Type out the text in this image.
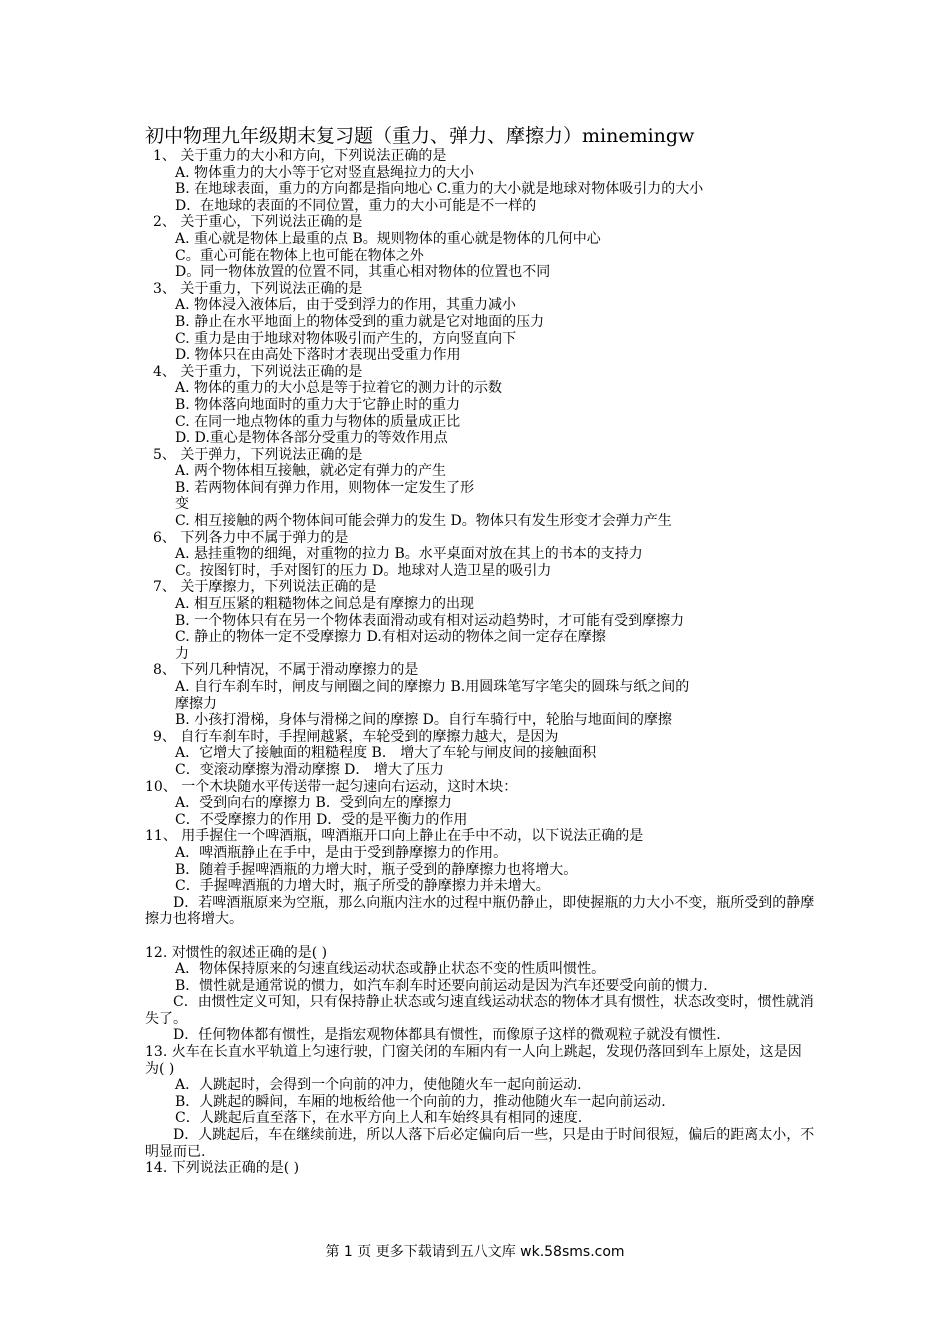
初中物理九年级期末复习题（重力、弹力、摩擦力）minemingw
1、 关于重力的大小和方向，下列说法正确的是
A. 物体重力的大小等于它对竖直悬绳拉力的大小
B. 在地球表面，重力的方向都是指向地心 C.重力的大小就是地球对物体吸引力的大小
D．在地球的表面的不同位置，重力的大小可能是不一样的
2、 关于重心，下列说法正确的是
A. 重心就是物体上最重的点 B。规则物体的重心就是物体的几何中心
C。重心可能在物体上也可能在物体之外
D。同一物体放置的位置不同，其重心相对物体的位置也不同
3、 关于重力，下列说法正确的是
A. 物体浸入液体后，由于受到浮力的作用，其重力减小
B. 静止在水平地面上的物体受到的重力就是它对地面的压力
C. 重力是由于地球对物体吸引而产生的，方向竖直向下
D. 物体只在由高处下落时才表现出受重力作用
4、 关于重力，下列说法正确的是
A. 物体的重力的大小总是等于拉着它的测力计的示数
B. 物体落向地面时的重力大于它静止时的重力
C. 在同一地点物体的重力与物体的质量成正比
D. D.重心是物体各部分受重力的等效作用点
5、 关于弹力，下列说法正确的是
A. 两个物体相互接触，就必定有弹力的产生
B. 若两物体间有弹力作用，则物体一定发生了形
变
C. 相互接触的两个物体间可能会弹力的发生 D。物体只有发生形变才会弹力产生
6、 下列各力中不属于弹力的是
A. 悬挂重物的细绳，对重物的拉力 B。水平桌面对放在其上的书本的支持力
C。按图钉时，手对图钉的压力 D。地球对人造卫星的吸引力
7、 关于摩擦力，下列说法正确的是
A. 相互压紧的粗糙物体之间总是有摩擦力的出现
B. 一个物体只有在另一个物体表面滑动或有相对运动趋势时，才可能有受到摩擦力
C. 静止的物体一定不受摩擦力 D.有相对运动的物体之间一定存在摩擦
力
8、 下列几种情况，不属于滑动摩擦力的是
A. 自行车刹车时，闸皮与闸圈之间的摩擦力 B.用圆珠笔写字笔尖的圆珠与纸之间的
摩擦力
B. 小孩打滑梯，身体与滑梯之间的摩擦 D。自行车骑行中，轮胎与地面间的摩擦
9、 自行车刹车时，手捏闸越紧，车轮受到的摩擦力越大，是因为
A．它增大了接触面的粗糙程度 B． 增大了车轮与闸皮间的接触面积
C．变滚动摩擦为滑动摩擦 D． 增大了压力
10、 一个木块随水平传送带一起匀速向右运动，这时木块：
A．受到向右的摩擦力 B．受到向左的摩擦力
C．不受摩擦力的作用 D．受的是平衡力的作用
11、 用手握住一个啤酒瓶，啤酒瓶开口向上静止在手中不动，以下说法正确的是
A．啤酒瓶静止在手中，是由于受到静摩擦力的作用。
B．随着手握啤酒瓶的力增大时，瓶子受到的静摩擦力也将增大。
C．手握啤酒瓶的力增大时，瓶子所受的静摩擦力并未增大。
D．若啤酒瓶原来为空瓶，那么向瓶内注水的过程中瓶仍静止，即使握瓶的力大小不变，瓶所受到的静摩擦力也将增大。
12. 对惯性的叙述正确的是( )
A．物体保持原来的匀速直线运动状态或静止状态不变的性质叫惯性。
B．惯性就是通常说的惯力，如汽车刹车时还要向前运动是因为汽车还要受向前的惯力.
C．由惯性定义可知，只有保持静止状态或匀速直线运动状态的物体才具有惯性，状态改变时，惯性就消失了。
D．任何物体都有惯性，是指宏观物体都具有惯性，而像原子这样的微观粒子就没有惯性.
13. 火车在长直水平轨道上匀速行驶，门窗关闭的车厢内有一人向上跳起，发现仍落回到车上原处，这是因为( )
A．人跳起时，会得到一个向前的冲力，使他随火车一起向前运动.
B．人跳起的瞬间，车厢的地板给他一个向前的力，推动他随火车一起向前运动.
C．人跳起后直至落下，在水平方向上人和车始终具有相同的速度.
D．人跳起后，车在继续前进，所以人落下后必定偏向后一些，只是由于时间很短，偏后的距离太小，不明显而已.
14. 下列说法正确的是( )
第 1 页 更多下载请到五八文库 wk.58sms.com
